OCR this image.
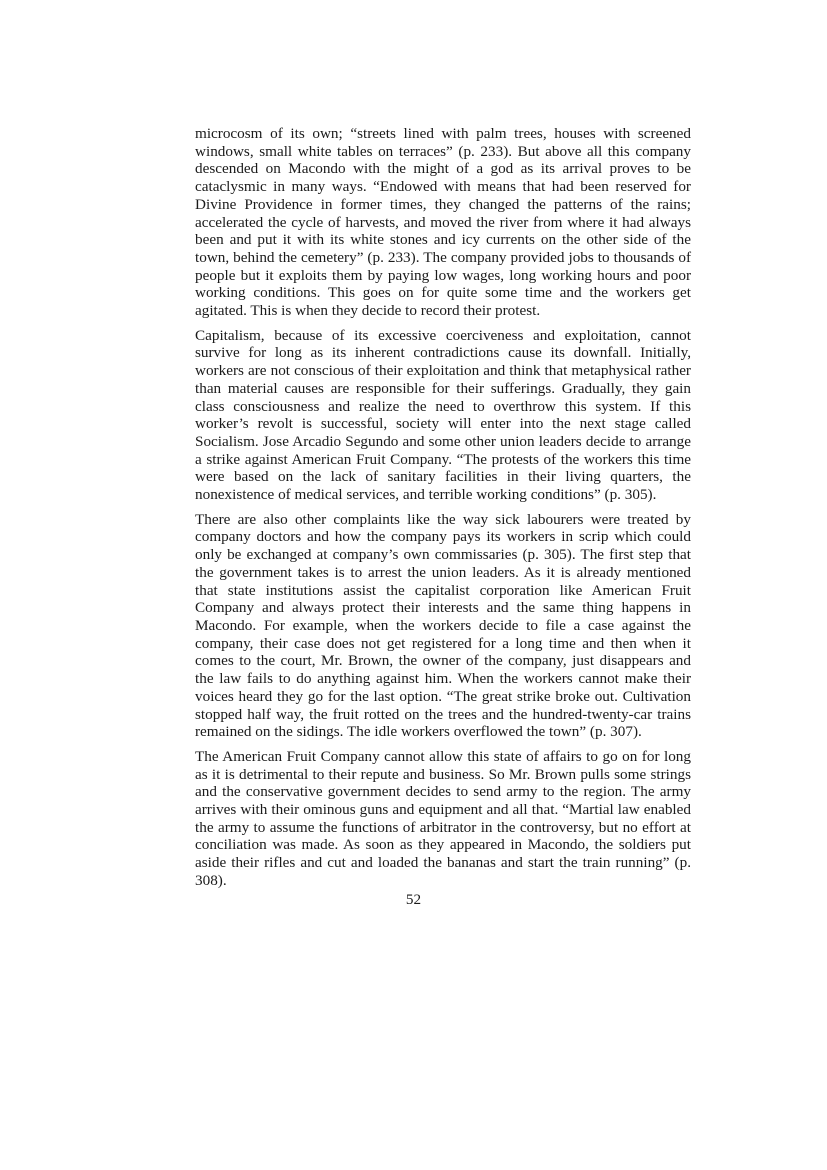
microcosm of its own; “streets lined with palm trees, houses with screened windows, small white tables on terraces” (p. 233). But above all this company descended on Macondo with the might of a god as its arrival proves to be cataclysmic in many ways. “Endowed with means that had been reserved for Divine Providence in former times, they changed the patterns of the rains; accelerated the cycle of harvests, and moved the river from where it had always been and put it with its white stones and icy currents on the other side of the town, behind the cemetery” (p. 233). The company provided jobs to thousands of people but it exploits them by paying low wages, long working hours and poor working conditions. This goes on for quite some time and the workers get agitated. This is when they decide to record their protest.

Capitalism, because of its excessive coerciveness and exploitation, cannot survive for long as its inherent contradictions cause its downfall. Initially, workers are not conscious of their exploitation and think that metaphysical rather than material causes are responsible for their sufferings. Gradually, they gain class consciousness and realize the need to overthrow this system. If this worker’s revolt is successful, society will enter into the next stage called Socialism. Jose Arcadio Segundo and some other union leaders decide to arrange a strike against American Fruit Company. “The protests of the workers this time were based on the lack of sanitary facilities in their living quarters, the nonexistence of medical services, and terrible working conditions” (p. 305).

There are also other complaints like the way sick labourers were treated by company doctors and how the company pays its workers in scrip which could only be exchanged at company’s own commissaries (p. 305). The first step that the government takes is to arrest the union leaders. As it is already mentioned that state institutions assist the capitalist corporation like American Fruit Company and always protect their interests and the same thing happens in Macondo. For example, when the workers decide to file a case against the company, their case does not get registered for a long time and then when it comes to the court, Mr. Brown, the owner of the company, just disappears and the law fails to do anything against him. When the workers cannot make their voices heard they go for the last option. “The great strike broke out. Cultivation stopped half way, the fruit rotted on the trees and the hundred-twenty-car trains remained on the sidings. The idle workers overflowed the town” (p. 307).

The American Fruit Company cannot allow this state of affairs to go on for long as it is detrimental to their repute and business. So Mr. Brown pulls some strings and the conservative government decides to send army to the region. The army arrives with their ominous guns and equipment and all that. “Martial law enabled the army to assume the functions of arbitrator in the controversy, but no effort at conciliation was made. As soon as they appeared in Macondo, the soldiers put aside their rifles and cut and loaded the bananas and start the train running” (p. 308).

52
